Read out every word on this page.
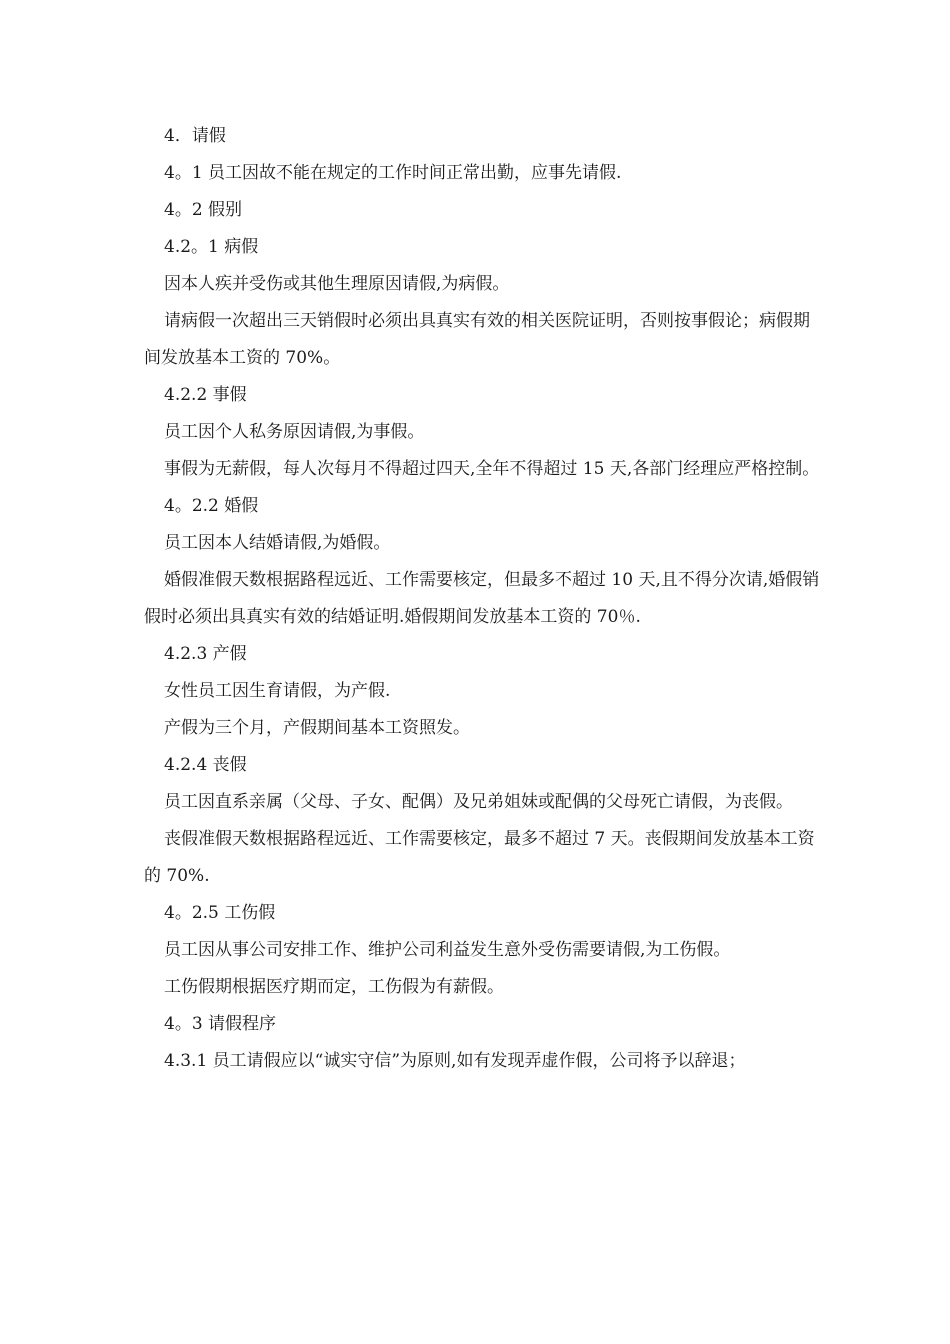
4．请假

4。1 员工因故不能在规定的工作时间正常出勤，应事先请假.

4。2 假别

4.2。1 病假

因本人疾并受伤或其他生理原因请假,为病假。

请病假一次超出三天销假时必须出具真实有效的相关医院证明，否则按事假论；病假期间发放基本工资的 70%。

4.2.2 事假

员工因个人私务原因请假,为事假。

事假为无薪假，每人次每月不得超过四天,全年不得超过 15 天,各部门经理应严格控制。

4。2.2 婚假

员工因本人结婚请假,为婚假。

婚假准假天数根据路程远近、工作需要核定，但最多不超过 10 天,且不得分次请,婚假销假时必须出具真实有效的结婚证明.婚假期间发放基本工资的 70％.

4.2.3 产假

女性员工因生育请假，为产假.

产假为三个月，产假期间基本工资照发。

4.2.4 丧假

员工因直系亲属（父母、子女、配偶）及兄弟姐妹或配偶的父母死亡请假，为丧假。

丧假准假天数根据路程远近、工作需要核定，最多不超过 7 天。丧假期间发放基本工资的 70%.

4。2.5 工伤假

员工因从事公司安排工作、维护公司利益发生意外受伤需要请假,为工伤假。

工伤假期根据医疗期而定，工伤假为有薪假。

4。3 请假程序

4.3.1 员工请假应以“诚实守信”为原则,如有发现弄虚作假，公司将予以辞退；
